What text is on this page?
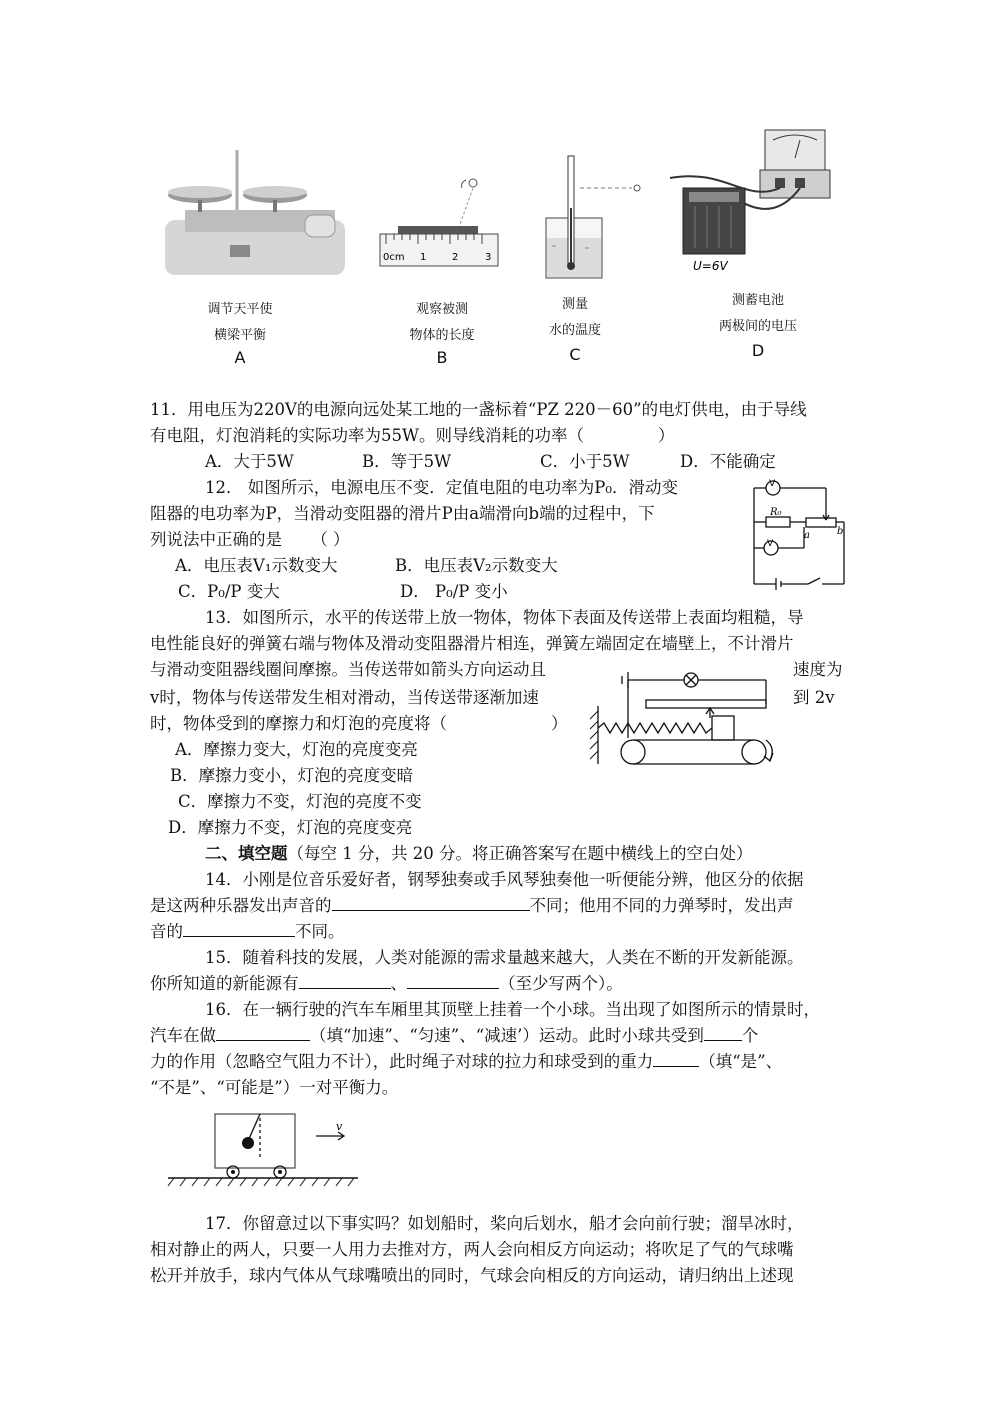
调节天平使
横梁平衡
A
0cm 1	2	3
观察被测
物体的长度
B
测量
水的温度
C
U=6V
测蓄电池
两极间的电压
D
11．用电压为220V的电源向远处某工地的一盏标着“PZ 220－60”的电灯供电，由于导线
有电阻，灯泡消耗的实际功率为55W。则导线消耗的功率（	）
A．大于5W	B．等于5W	C．小于5W	D．不能确定
12． 如图所示，电源电压不变．定值电阻的电功率为P₀．滑动变
阻器的电功率为P，当滑动变阻器的滑片P由a端滑向b端的过程中，下
列说法中正确的是 （ ）
A．电压表V₁示数变大	B．电压表V₂示数变大
C．P₀/P 变大	D． P₀/P 变小
V
V
R₀
a	b
13．如图所示，水平的传送带上放一物体，物体下表面及传送带上表面均粗糙，导
电性能良好的弹簧右端与物体及滑动变阻器滑片相连，弹簧左端固定在墙壁上，不计滑片
与滑动变阻器线圈间摩擦。当传送带如箭头方向运动且	速度为
v时，物体与传送带发生相对滑动，当传送带逐渐加速	到 2v
时，物体受到的摩擦力和灯泡的亮度将（	）
A．摩擦力变大，灯泡的亮度变亮
B．摩擦力变小，灯泡的亮度变暗
C．摩擦力不变，灯泡的亮度不变
D．摩擦力不变，灯泡的亮度变亮
二、填空题（每空 1 分，共 20 分。将正确答案写在题中横线上的空白处）
14．小刚是位音乐爱好者，钢琴独奏或手风琴独奏他一听便能分辨，他区分的依据
是这两种乐器发出声音的	不同；他用不同的力弹琴时，发出声
音的	不同。
15．随着科技的发展，人类对能源的需求量越来越大，人类在不断的开发新能源。
你所知道的新能源有	、	（至少写两个）。
16．在一辆行驶的汽车车厢里其顶壁上挂着一个小球。当出现了如图所示的情景时，
汽车在做	（填“加速”、“匀速”、“减速’）运动。此时小球共受到 个
力的作用（忽略空气阻力不计），此时绳子对球的拉力和球受到的重力	（填“是”、
“不是”、“可能是”）一对平衡力。
v
17．你留意过以下事实吗？如划船时，桨向后划水，船才会向前行驶；溜旱冰时，
相对静止的两人，只要一人用力去推对方，两人会向相反方向运动；将吹足了气的气球嘴
松开并放手，球内气体从气球嘴喷出的同时，气球会向相反的方向运动，请归纳出上述现
